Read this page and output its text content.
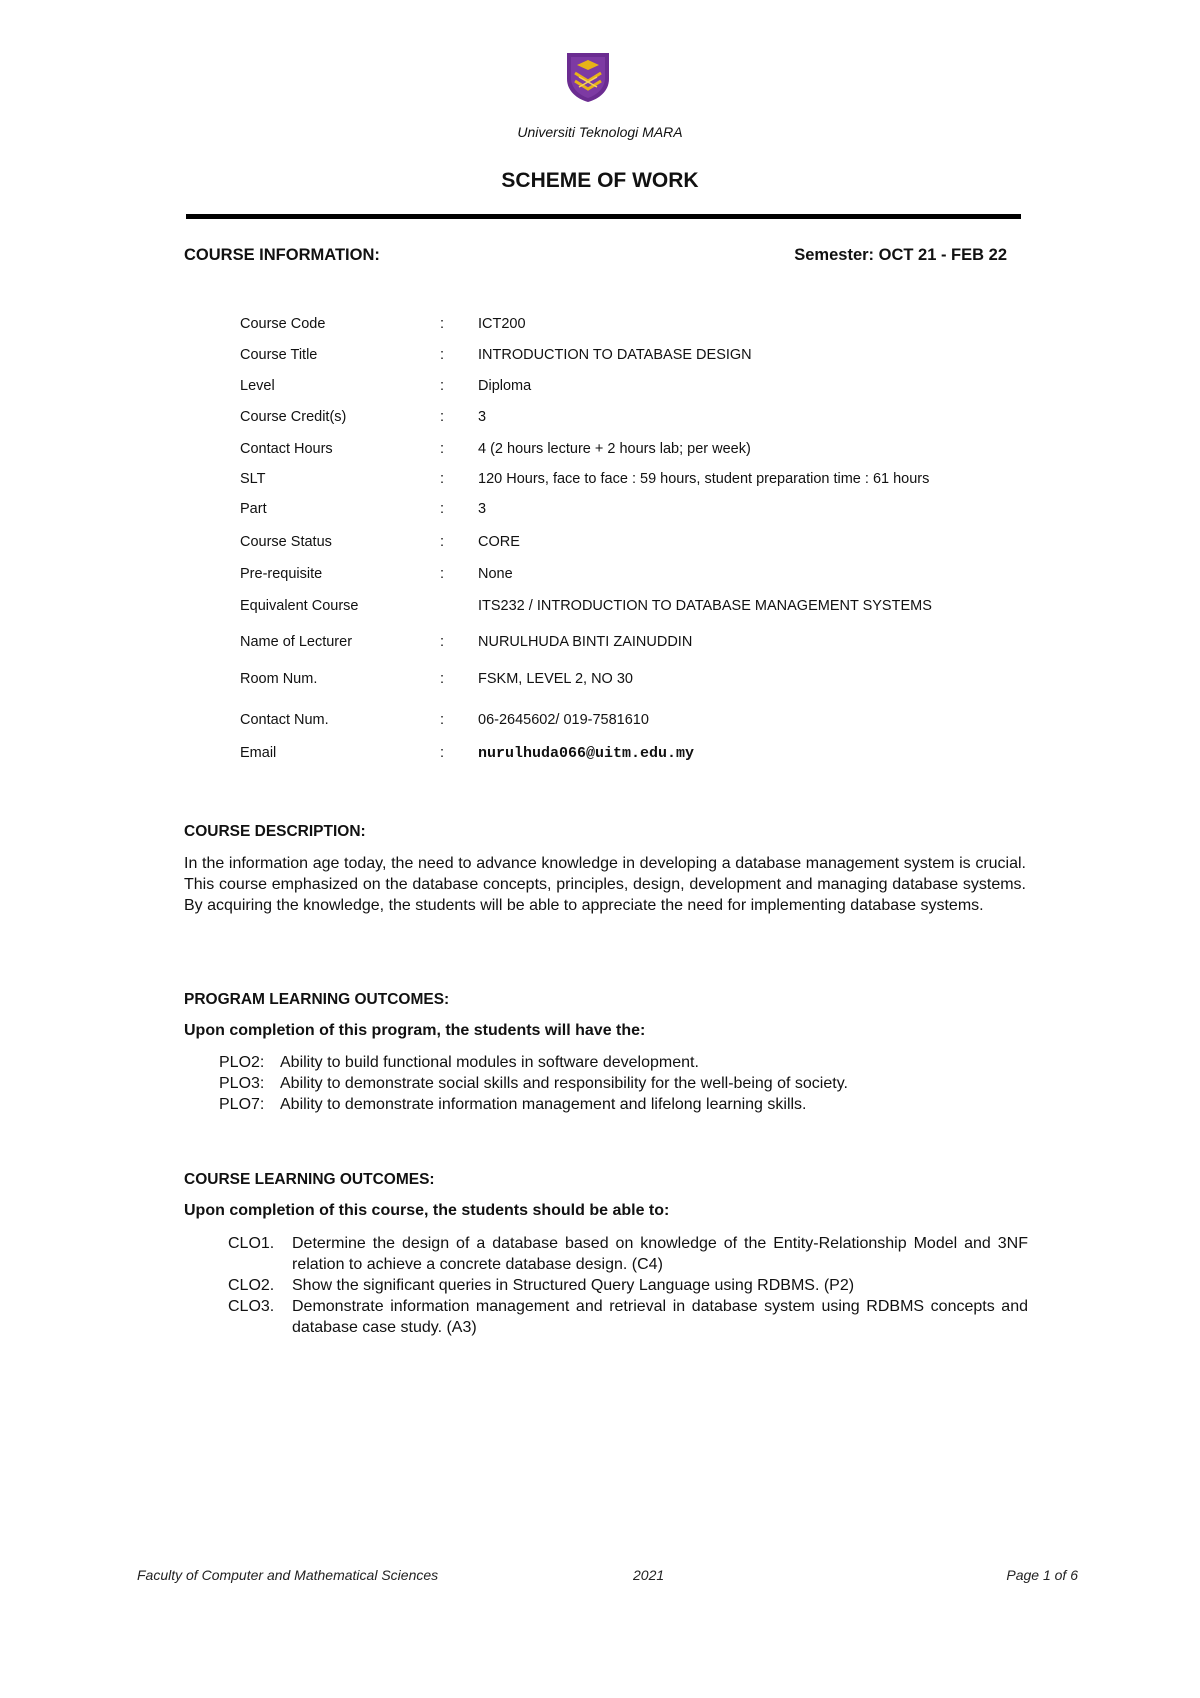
Universiti Teknologi MARA
SCHEME OF WORK
COURSE INFORMATION:	Semester: OCT 21 - FEB 22
Course Code	: ICT200
Course Title	: INTRODUCTION TO DATABASE DESIGN
Level	: Diploma
Course Credit(s)	: 3
Contact Hours	: 4 (2 hours lecture + 2 hours lab; per week)
SLT	: 120 Hours, face to face : 59 hours, student preparation time : 61 hours
Part	: 3
Course Status	: CORE
Pre-requisite	: None
Equivalent Course	ITS232 / INTRODUCTION TO DATABASE MANAGEMENT SYSTEMS
Name of Lecturer	: NURULHUDA BINTI ZAINUDDIN
Room Num.	: FSKM, LEVEL 2, NO 30
Contact Num.	: 06-2645602/ 019-7581610
Email	: nurulhuda066@uitm.edu.my
COURSE DESCRIPTION:
In the information age today, the need to advance knowledge in developing a database management system is crucial. This course emphasized on the database concepts, principles, design, development and managing database systems. By acquiring the knowledge, the students will be able to appreciate the need for implementing database systems.
PROGRAM LEARNING OUTCOMES:
Upon completion of this program, the students will have the:
PLO2: Ability to build functional modules in software development.
PLO3: Ability to demonstrate social skills and responsibility for the well-being of society.
PLO7: Ability to demonstrate information management and lifelong learning skills.
COURSE LEARNING OUTCOMES:
Upon completion of this course, the students should be able to:
CLO1. Determine the design of a database based on knowledge of the Entity-Relationship Model and 3NF relation to achieve a concrete database design. (C4)
CLO2. Show the significant queries in Structured Query Language using RDBMS. (P2)
CLO3. Demonstrate information management and retrieval in database system using RDBMS concepts and database case study. (A3)
Faculty of Computer and Mathematical Sciences	2021	Page 1 of 6
